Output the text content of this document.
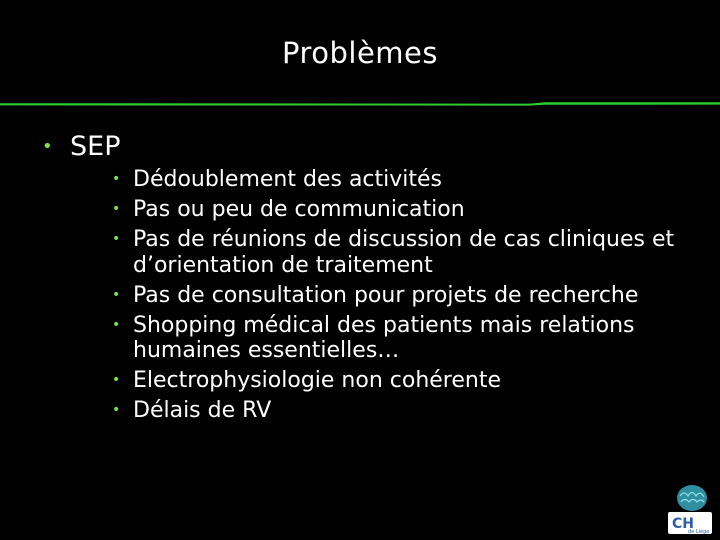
Problèmes
• SEP
• Dédoublement des activités
• Pas ou peu de communication
• Pas de réunions de discussion de cas cliniques et d’orientation de traitement
• Pas de consultation pour projets de recherche
• Shopping médical des patients mais relations humaines essentielles…
• Electrophysiologie non cohérente
• Délais de RV
CH
de Liège
